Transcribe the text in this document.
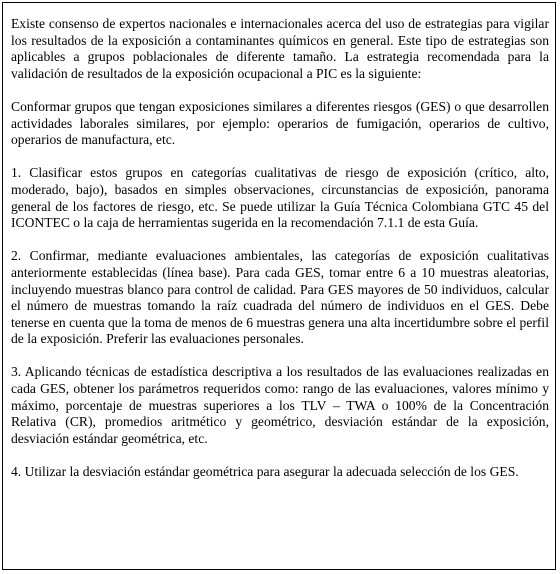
Existe consenso de expertos nacionales e internacionales acerca del uso de estrategias para vigilar los resultados de la exposición a contaminantes químicos en general. Este tipo de estrategias son aplicables a grupos poblacionales de diferente tamaño. La estrategia recomendada para la validación de resultados de la exposición ocupacional a PIC es la siguiente:

Conformar grupos que tengan exposiciones similares a diferentes riesgos (GES) o que desarrollen actividades laborales similares, por ejemplo: operarios de fumigación, operarios de cultivo, operarios de manufactura, etc.

1. Clasificar estos grupos en categorías cualitativas de riesgo de exposición (crítico, alto, moderado, bajo), basados en simples observaciones, circunstancias de exposición, panorama general de los factores de riesgo, etc. Se puede utilizar la Guía Técnica Colombiana GTC 45 del ICONTEC o la caja de herramientas sugerida en la recomendación 7.1.1 de esta Guía.

2. Confirmar, mediante evaluaciones ambientales, las categorías de exposición cualitativas anteriormente establecidas (línea base). Para cada GES, tomar entre 6 a 10 muestras aleatorias, incluyendo muestras blanco para control de calidad. Para GES mayores de 50 individuos, calcular el número de muestras tomando la raíz cuadrada del número de individuos en el GES. Debe tenerse en cuenta que la toma de menos de 6 muestras genera una alta incertidumbre sobre el perfil de la exposición. Preferir las evaluaciones personales.

3. Aplicando técnicas de estadística descriptiva a los resultados de las evaluaciones realizadas en cada GES, obtener los parámetros requeridos como: rango de las evaluaciones, valores mínimo y máximo, porcentaje de muestras superiores a los TLV – TWA o 100% de la Concentración Relativa (CR), promedios aritmético y geométrico, desviación estándar de la exposición, desviación estándar geométrica, etc.

4. Utilizar la desviación estándar geométrica para asegurar la adecuada selección de los GES.
